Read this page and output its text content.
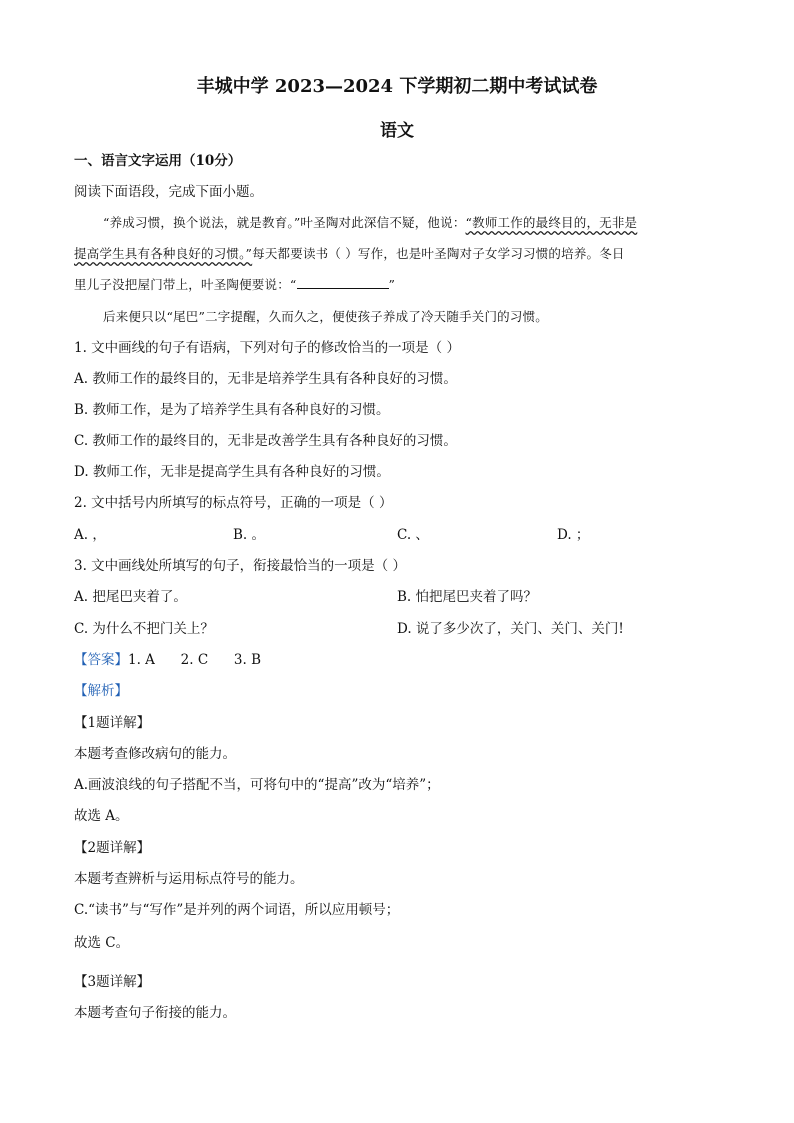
丰城中学 2023—2024 下学期初二期中考试试卷
语文
一、语言文字运用（10分）
阅读下面语段，完成下面小题。
“养成习惯，换个说法，就是教育。”叶圣陶对此深信不疑，他说：“教师工作的最终目的，无非是
提高学生具有各种良好的习惯。”每天都要读书（ ）写作，也是叶圣陶对子女学习习惯的培养。冬日
里儿子没把屋门带上，叶圣陶便要说：“	”
后来便只以“尾巴”二字提醒，久而久之，便使孩子养成了冷天随手关门的习惯。
1. 文中画线的句子有语病，下列对句子的修改恰当的一项是（ ）
A. 教师工作的最终目的，无非是培养学生具有各种良好的习惯。
B. 教师工作，是为了培养学生具有各种良好的习惯。
C. 教师工作的最终目的，无非是改善学生具有各种良好的习惯。
D. 教师工作，无非是提高学生具有各种良好的习惯。
2. 文中括号内所填写的标点符号，正确的一项是（ ）
A. ，	B. 。	C. 、	D. ；
3. 文中画线处所填写的句子，衔接最恰当的一项是（ ）
A. 把尾巴夹着了。	B. 怕把尾巴夹着了吗？
C. 为什么不把门关上？	D. 说了多少次了，关门、关门、关门!
【答案】1. A      2. C      3. B
【解析】
【1题详解】
本题考查修改病句的能力。
A.画波浪线的句子搭配不当，可将句中的“提高”改为“培养”；
故选 A。
【2题详解】
本题考查辨析与运用标点符号的能力。
C.“读书”与“写作”是并列的两个词语，所以应用顿号；
故选 C。
【3题详解】
本题考查句子衔接的能力。
